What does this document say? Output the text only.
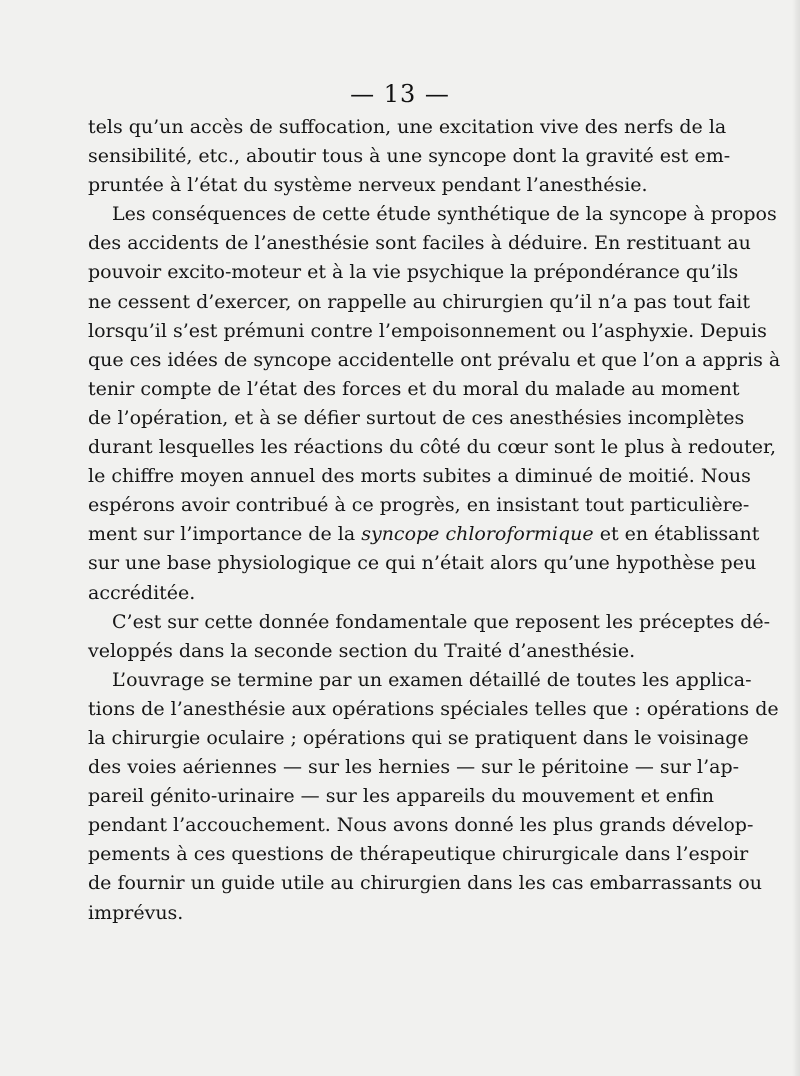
— 13 —
tels qu’un accès de suffocation, une excitation vive des nerfs de la
sensibilité, etc., aboutir tous à une syncope dont la gravité est em-
pruntée à l’état du système nerveux pendant l’anesthésie.
Les conséquences de cette étude synthétique de la syncope à propos
des accidents de l’anesthésie sont faciles à déduire. En restituant au
pouvoir excito-moteur et à la vie psychique la prépondérance qu’ils
ne cessent d’exercer, on rappelle au chirurgien qu’il n’a pas tout fait
lorsqu’il s’est prémuni contre l’empoisonnement ou l’asphyxie. Depuis
que ces idées de syncope accidentelle ont prévalu et que l’on a appris à
tenir compte de l’état des forces et du moral du malade au moment
de l’opération, et à se défier surtout de ces anesthésies incomplètes
durant lesquelles les réactions du côté du cœur sont le plus à redouter,
le chiffre moyen annuel des morts subites a diminué de moitié. Nous
espérons avoir contribué à ce progrès, en insistant tout particulière-
ment sur l’importance de la syncope chloroformique et en établissant
sur une base physiologique ce qui n’était alors qu’une hypothèse peu
accréditée.
C’est sur cette donnée fondamentale que reposent les préceptes dé-
veloppés dans la seconde section du Traité d’anesthésie.
L’ouvrage se termine par un examen détaillé de toutes les applica-
tions de l’anesthésie aux opérations spéciales telles que : opérations de
la chirurgie oculaire ; opérations qui se pratiquent dans le voisinage
des voies aériennes — sur les hernies — sur le péritoine — sur l’ap-
pareil génito-urinaire — sur les appareils du mouvement et enfin
pendant l’accouchement. Nous avons donné les plus grands dévelop-
pements à ces questions de thérapeutique chirurgicale dans l’espoir
de fournir un guide utile au chirurgien dans les cas embarrassants ou
imprévus.
